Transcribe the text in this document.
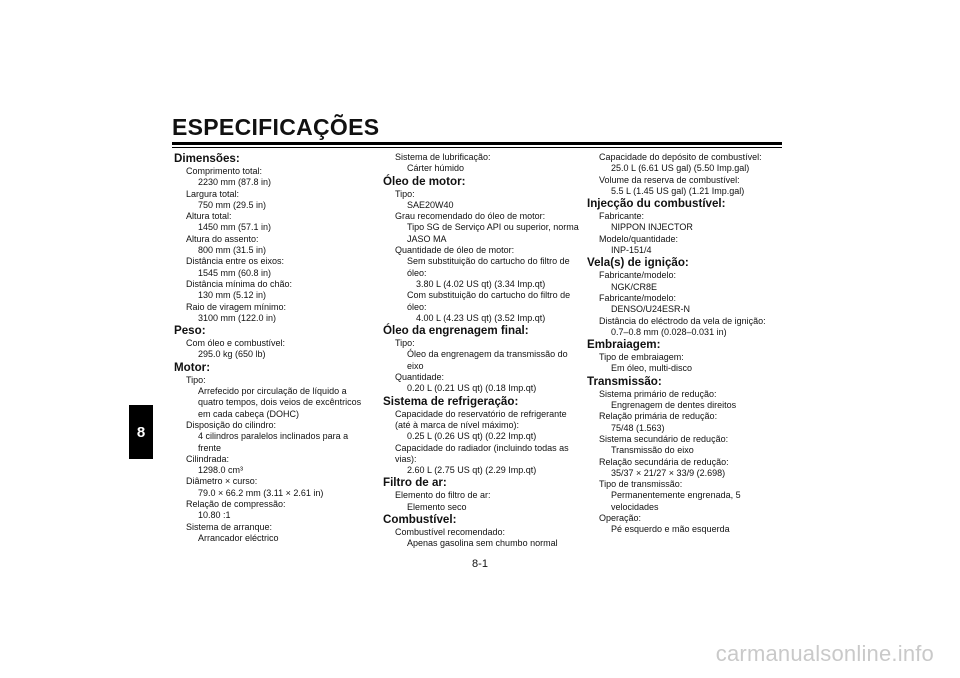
ESPECIFICAÇÕES
8

Dimensões:

Comprimento total:

2230 mm (87.8 in)

Largura total:

750 mm (29.5 in)

Altura total:

1450 mm (57.1 in)

Altura do assento:

800 mm (31.5 in)

Distância entre os eixos:

1545 mm (60.8 in)

Distância mínima do chão:

130 mm (5.12 in)

Raio de viragem mínimo:

3100 mm (122.0 in)

Peso:

Com óleo e combustível:

295.0 kg (650 lb)

Motor:

Tipo:

Arrefecido por circulação de líquido a

quatro tempos, dois veios de excêntricos

em cada cabeça (DOHC)

Disposição do cilindro:

4 cilindros paralelos inclinados para a

frente

Cilindrada:

1298.0 cm³

Diâmetro × curso:

79.0 × 66.2 mm (3.11 × 2.61 in)

Relação de compressão:

10.80 :1

Sistema de arranque:

Arrancador eléctrico

Sistema de lubrificação:

Cárter húmido

Óleo de motor:

Tipo:

SAE20W40

Grau recomendado do óleo de motor:

Tipo SG de Serviço API ou superior, norma

JASO MA

Quantidade de óleo de motor:

Sem substituição do cartucho do filtro de

óleo:

3.80 L (4.02 US qt) (3.34 Imp.qt)

Com substituição do cartucho do filtro de

óleo:

4.00 L (4.23 US qt) (3.52 Imp.qt)

Óleo da engrenagem final:

Tipo:

Óleo da engrenagem da transmissão do

eixo

Quantidade:

0.20 L (0.21 US qt) (0.18 Imp.qt)

Sistema de refrigeração:

Capacidade do reservatório de refrigerante

(até à marca de nível máximo):

0.25 L (0.26 US qt) (0.22 Imp.qt)

Capacidade do radiador (incluindo todas as

vias):

2.60 L (2.75 US qt) (2.29 Imp.qt)

Filtro de ar:

Elemento do filtro de ar:

Elemento seco

Combustível:

Combustível recomendado:

Apenas gasolina sem chumbo normal

Capacidade do depósito de combustível:

25.0 L (6.61 US gal) (5.50 Imp.gal)

Volume da reserva de combustível:

5.5 L (1.45 US gal) (1.21 Imp.gal)

Injecção du combustível:

Fabricante:

NIPPON INJECTOR

Modelo/quantidade:

INP-151/4

Vela(s) de ignição:

Fabricante/modelo:

NGK/CR8E

Fabricante/modelo:

DENSO/U24ESR-N

Distância do eléctrodo da vela de ignição:

0.7–0.8 mm (0.028–0.031 in)

Embraiagem:

Tipo de embraiagem:

Em óleo, multi-disco

Transmissão:

Sistema primário de redução:

Engrenagem de dentes direitos

Relação primária de redução:

75/48 (1.563)

Sistema secundário de redução:

Transmissão do eixo

Relação secundária de redução:

35/37 × 21/27 × 33/9 (2.698)

Tipo de transmissão:

Permanentemente engrenada, 5

velocidades

Operação:

Pé esquerdo e mão esquerda

8-1
carmanualsonline.info
